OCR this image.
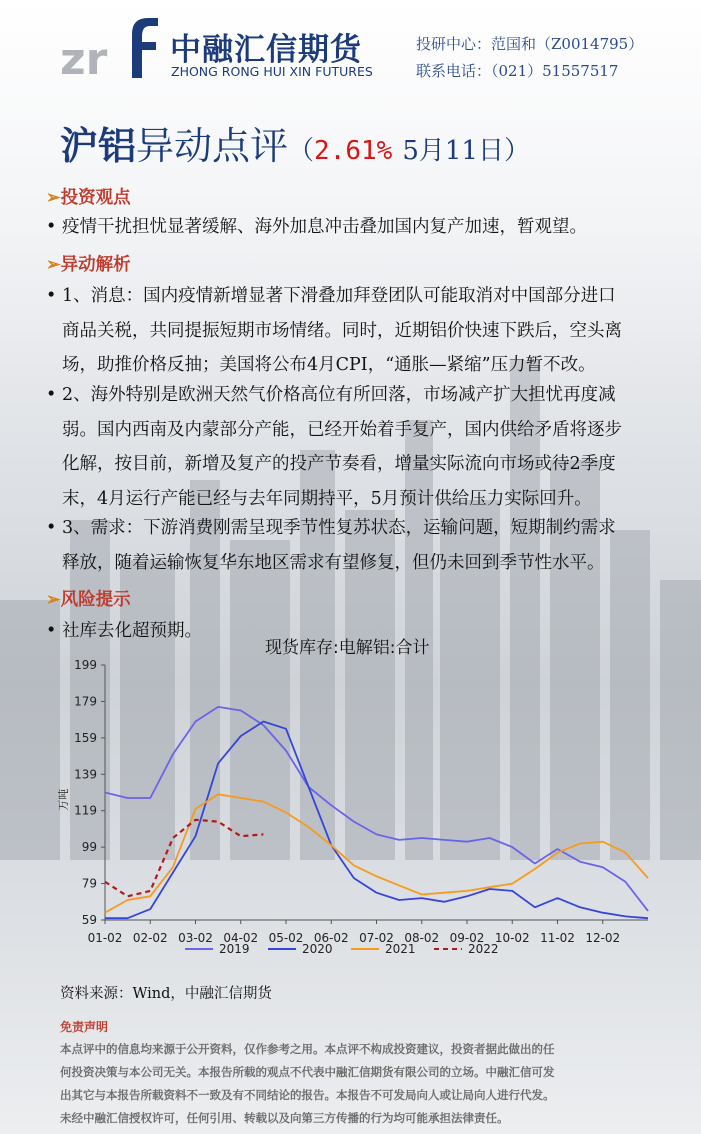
zr 中融汇信期货
ZHONG RONG HUI XIN FUTURES
投研中心：范国和（Z0014795）
联系电话：（021）51557517
沪铝异动点评（2.61% 5月11日）
➢投资观点
• 疫情干扰担忧显著缓解、海外加息冲击叠加国内复产加速，暂观望。
➢异动解析
• 1、消息：国内疫情新增显著下滑叠加拜登团队可能取消对中国部分进口
商品关税，共同提振短期市场情绪。同时，近期铝价快速下跌后，空头离
场，助推价格反抽；美国将公布4月CPI，“通胀—紧缩”压力暂不改。
• 2、海外特别是欧洲天然气价格高位有所回落，市场减产扩大担忧再度减
弱。国内西南及内蒙部分产能，已经开始着手复产，国内供给矛盾将逐步
化解，按目前，新增及复产的投产节奏看，增量实际流向市场或待2季度
末，4月运行产能已经与去年同期持平，5月预计供给压力实际回升。
• 3、需求：下游消费刚需呈现季节性复苏状态，运输问题，短期制约需求
释放，随着运输恢复华东地区需求有望修复，但仍未回到季节性水平。
➢风险提示
• 社库去化超预期。
现货库存:电解铝:合计
59
79
99
119
139
159
179
199
01-02 02-02 03-02 04-02 05-02 06-02 07-02 08-02 09-02 10-02 11-02 12-02
万吨
2019	2020	2021	2022
资料来源：Wind，中融汇信期货
免责声明
本点评中的信息均来源于公开资料，仅作参考之用。本点评不构成投资建议，投资者据此做出的任
何投资决策与本公司无关。本报告所载的观点不代表中融汇信期货有限公司的立场。中融汇信可发
出其它与本报告所载资料不一致及有不同结论的报告。本报告不可发局向人或让局向人进行代发。
未经中融汇信授权许可，任何引用、转载以及向第三方传播的行为均可能承担法律责任。
